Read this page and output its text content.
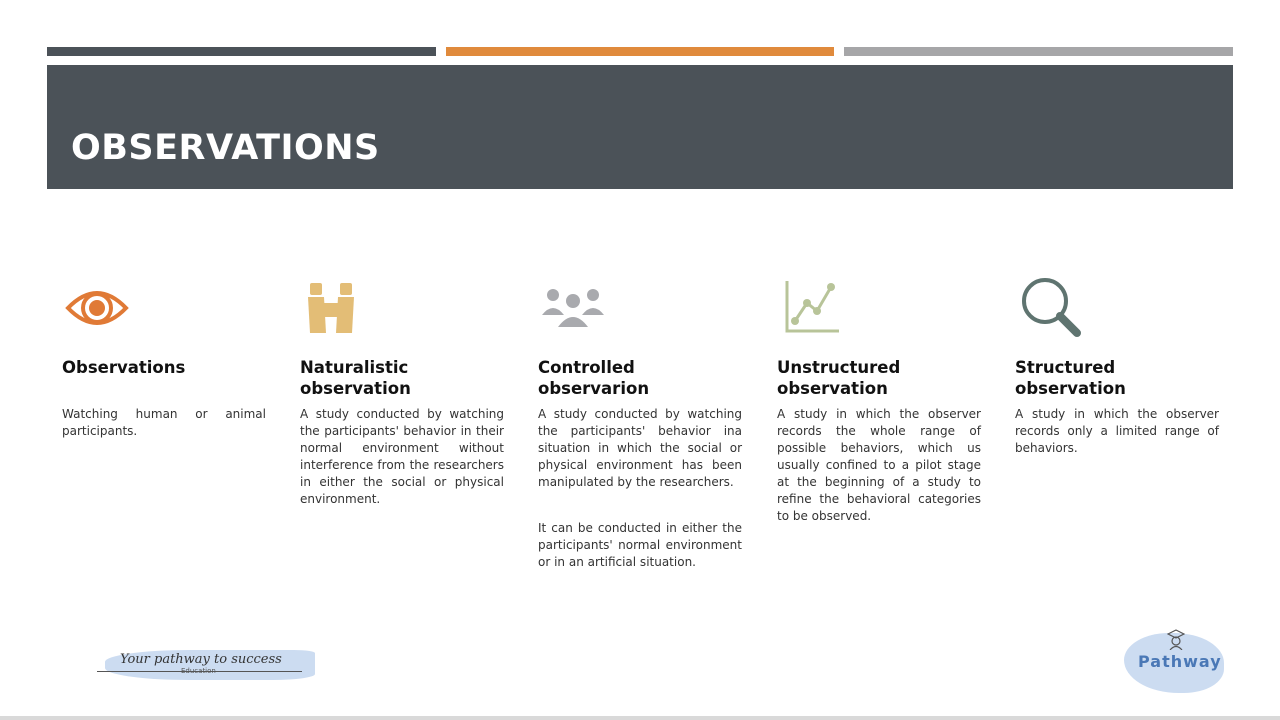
OBSERVATIONS
Observations
Watching human or animal participants.
Naturalistic observation
A study conducted by watching the participants' behavior in their normal environment without interference from the researchers in either the social or physical environment.
Controlled observarion
A study conducted by watching the participants' behavior ina situation in which the social or physical environment has been manipulated by the researchers.
It can be conducted in either the participants' normal environment or in an artificial situation.
Unstructured observation
A study in which the observer records the whole range of possible behaviors, which us usually confined to a pilot stage at the beginning of a study to refine the behavioral categories to be observed.
Structured observation
A study in which the observer records only a limited range of behaviors.
Your pathway to success
Education	Pathway
